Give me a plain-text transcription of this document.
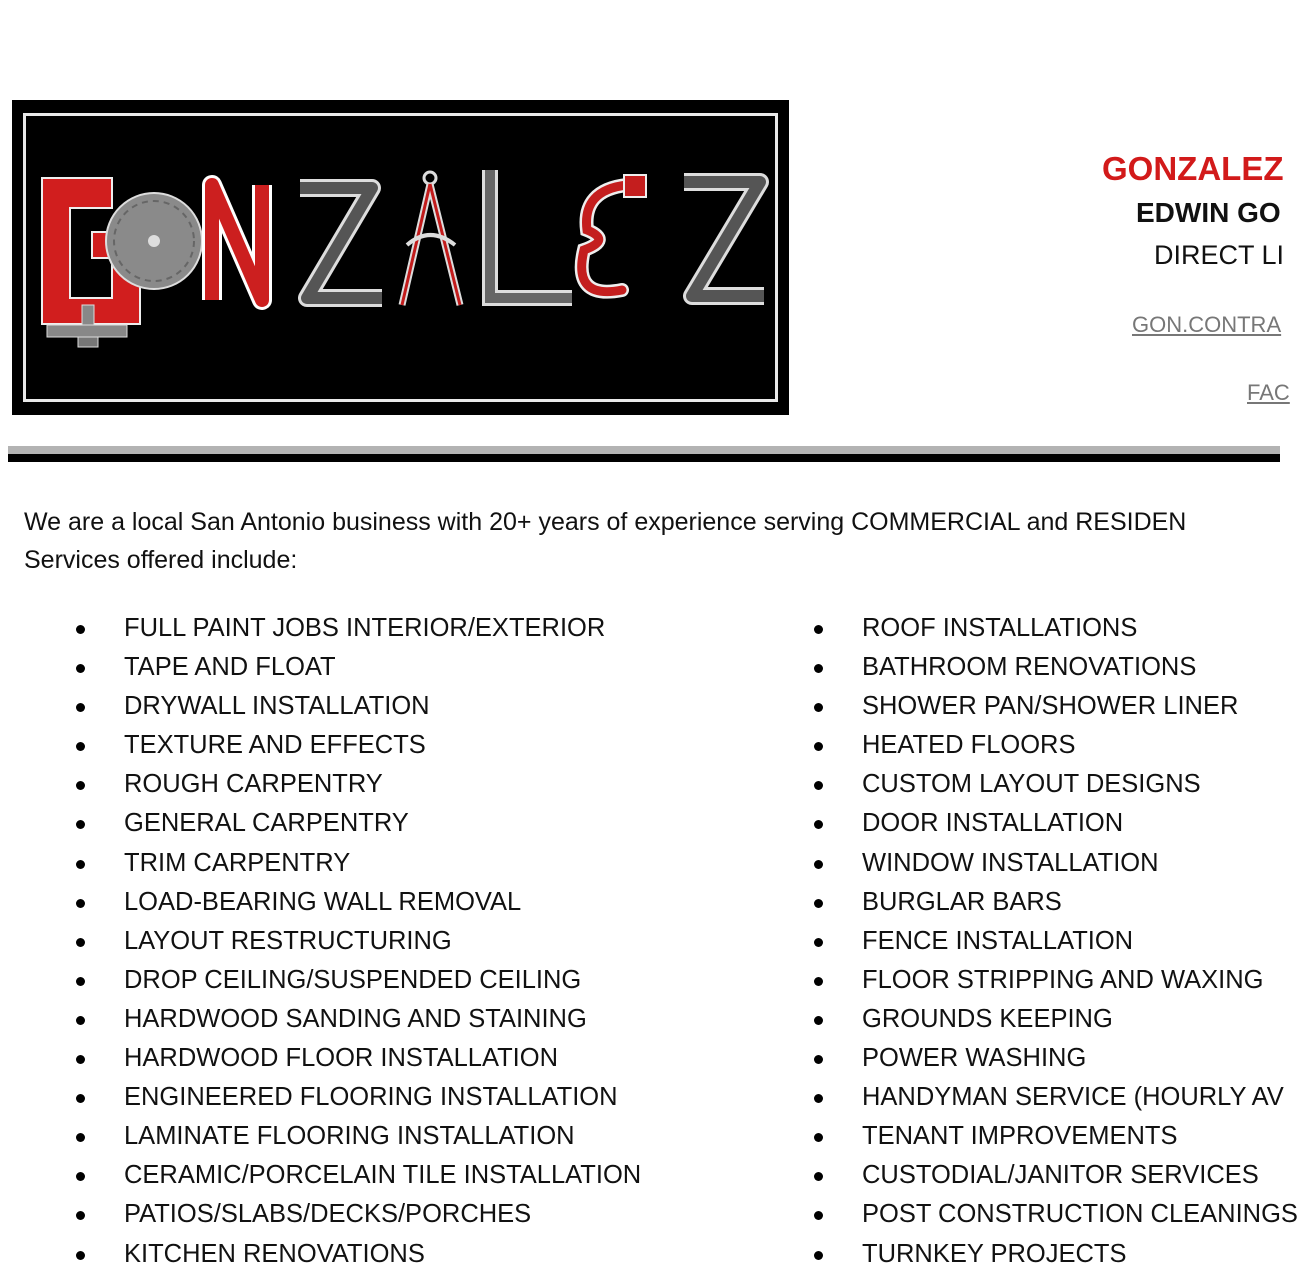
GONZALEZ
EDWIN GO
DIRECT LI
GON.CONTRA
FAC
We are a local San Antonio business with 20+ years of experience serving COMMERCIAL and RESIDEN
Services offered include:
FULL PAINT JOBS INTERIOR/EXTERIOR
TAPE AND FLOAT
DRYWALL INSTALLATION
TEXTURE AND EFFECTS
ROUGH CARPENTRY
GENERAL CARPENTRY
TRIM CARPENTRY
LOAD-BEARING WALL REMOVAL
LAYOUT RESTRUCTURING
DROP CEILING/SUSPENDED CEILING
HARDWOOD SANDING AND STAINING
HARDWOOD FLOOR INSTALLATION
ENGINEERED FLOORING INSTALLATION
LAMINATE FLOORING INSTALLATION
CERAMIC/PORCELAIN TILE INSTALLATION
PATIOS/SLABS/DECKS/PORCHES
KITCHEN RENOVATIONS
ROOF INSTALLATIONS
BATHROOM RENOVATIONS
SHOWER PAN/SHOWER LINER
HEATED FLOORS
CUSTOM LAYOUT DESIGNS
DOOR INSTALLATION
WINDOW INSTALLATION
BURGLAR BARS
FENCE INSTALLATION
FLOOR STRIPPING AND WAXING
GROUNDS KEEPING
POWER WASHING
HANDYMAN SERVICE (HOURLY AV
TENANT IMPROVEMENTS
CUSTODIAL/JANITOR SERVICES
POST CONSTRUCTION CLEANINGS
TURNKEY PROJECTS
